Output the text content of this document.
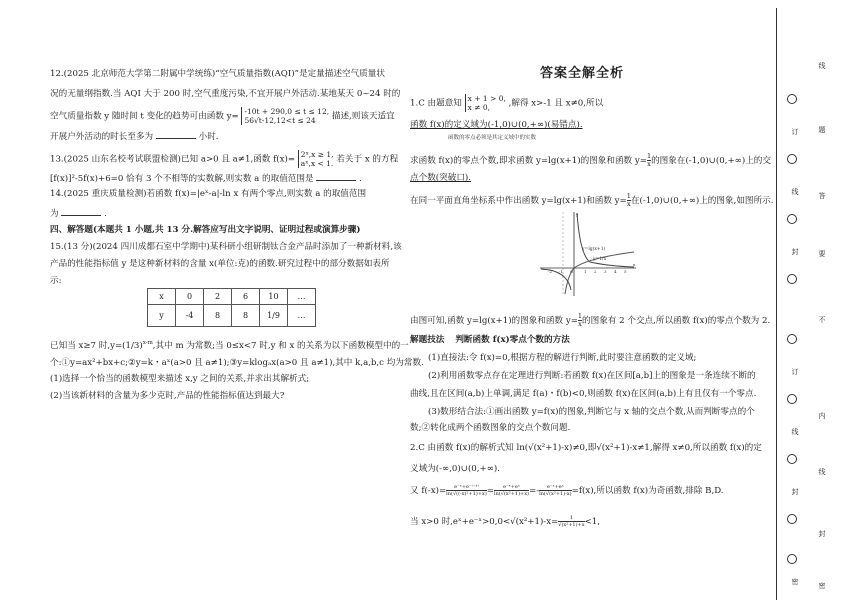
12.(2025 北京师范大学第二附属中学统练)“空气质量指数(AQI)”是定量描述空气质量状
况的无量纲指数.当 AQI 大于 200 时,空气重度污染,不宜开展户外活动.某地某天 0~24 时的
空气质量指数 y 随时间 t 变化的趋势可由函数 y= -10t + 290,0 ≤ t ≤ 12,
56√t-12,12<t ≤ 24	描述,则该天适宜
开展户外活动的时长至多为	小时.
13.(2025 山东名校考试联盟检测)已知 a>0 且 a≠1,函数 f(x)= 2ˣ,x ≥ 1,
aˣ,x < 1. 若关于 x 的方程
[f(x)]²-5f(x)+6=0 恰有 3 个不相等的实数解,则实数 a 的取值范围是	.
14.(2025 重庆质量检测)若函数 f(x)=|eˣ-a|-ln x 有两个零点,则实数 a 的取值范围
为	.
四、解答题(本题共 1 小题,共 13 分.解答应写出文字说明、证明过程或演算步骤)
15.(13 分)(2024 四川成都石室中学期中)某科研小组研制钛合金产品时添加了一种新材料,该
产品的性能指标值 y 是这种新材料的含量 x(单位:克)的函数.研究过程中的部分数据如表所
示:
x	0	2	6	10	…
y	-4	8	8	1/9	…
已知当 x≥7 时$,y=(1/3)^{x-m}$,其中 m 为常数;当 0≤x<7 时,y 和 x 的关系为以下函数模型中的一
个:①y=ax²+bx+c;②y=k・aˣ(a>0 且 a≠1);③y=klogₐx(a>0 且 a≠1),其中 k,a,b,c 均为常数.
(1)选择一个恰当的函数模型来描述 x,y 之间的关系,并求出其解析式;
(2)当该新材料的含量为多少克时,产品的性能指标值达到最大?
答案全解全析
1.C 由题意知 x + 1 > 0,
x ≠ 0,	,解得 x>-1 且 x≠0,所以
函数 f(x)的定义域为(-1,0)∪(0,+∞)(易错点).
函数的零点必须是其定义域中的实数
求函数 f(x)的零点个数,即求函数 y=lg(x+1)的图象和函数 $y= \frac{1}{x}$ 的图象在(-1,0)∪(0,+∞)上的交
点个数(突破口).
在同一平面直角坐标系中作出函数 y=lg(x+1)和函数 $y= \frac{1}{x}$ 在(-1,0)∪(0,+∞)上的图象,如图所示.
y=lg(x+1)
y=1/x
-2 -1 O	1 2 3 4 5
x
y
由图可知,函数 y=lg(x+1)的图象和函数 $y= \frac{1}{x}$ 的图象有 2 个交点,所以函数 f(x)的零点个数为 2.
解题技法 判断函数 f(x)零点个数的方法
(1)直接法:令 f(x)=0,根据方程的解进行判断,此时要注意函数的定义域;
(2)利用函数零点存在定理进行判断:若函数 f(x)在区间[a,b]上的图象是一条连续不断的
曲线,且在区间(a,b)上单调,满足 f(a)・f(b)<0,则函数 f(x)在区间(a,b)上有且仅有一个零点.
(3)数形结合法:①画出函数 y=f(x)的图象,判断它与 x 轴的交点个数,从而判断零点的个
数;②转化成两个函数图象的交点个数问题.
2.C 由函数 f(x)的解析式知 ln(√(x²+1)-x)≠0,即√(x²+1)-x≠1,解得 x≠0,所以函数 f(x)的定
义域为(-∞,0)∪(0,+∞).
又 $f(-x)= \frac{\text{e⁻ˣ+e⁻⁽⁻ˣ⁾}}{\text{ln(√((-x)²+1)+x)}} = \frac{\text{e⁻ˣ+eˣ}}{\text{ln(√(x²+1)+x)}} =- \frac{\text{e⁻ˣ+eˣ}}{\text{ln(√(x²+1)-x)}} =f(x)$,所以函数 f(x)为奇函数,排除 B,D.
当 x>0 时,eˣ+e⁻ˣ>0,0<√(x²+1)-x= $\frac{1}{\text{√(x²+1)+x}} <1$,
线
题
答
要
不
内
线
封
密
订
线
封
订
线
封
密
